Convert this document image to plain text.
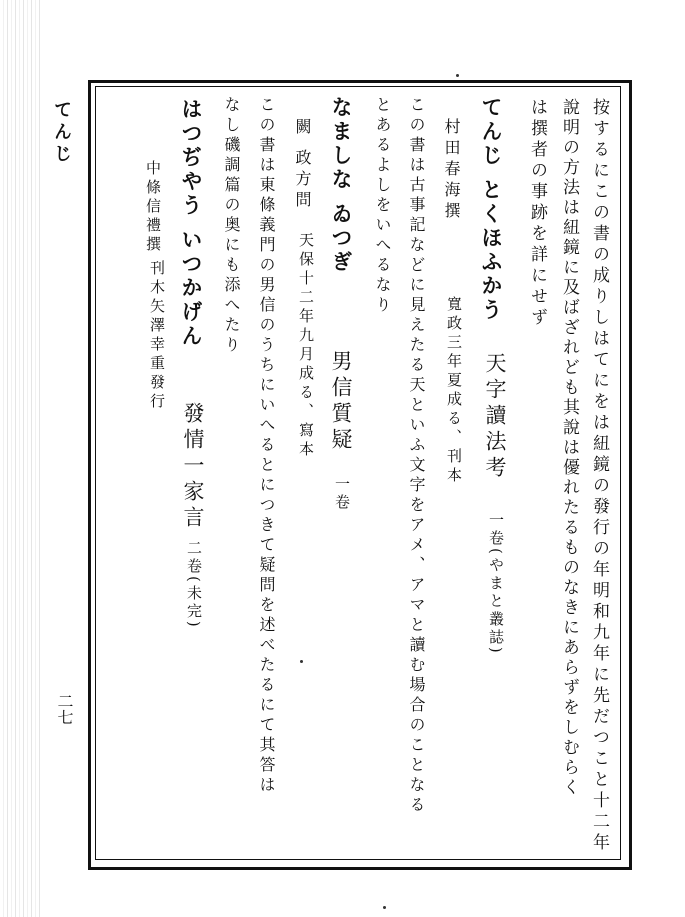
てんじ
二七	按するにこの書の成りしはてにをは紐鏡の發行の年明和九年に先だつこと十二年
說明の方法は紐鏡に及ばざれども其說は優れたるものなきにあらずをしむらく
は撰者の事跡を詳にせず
てんじ とくほふかう
天字讀法考
一卷(やまと叢誌)
村田春海撰
寬政三年夏成る、刊本
この書は古事記などに見えたる天といふ文字をアメ、アマと讀む場合のことなる
とあるよしをいへるなり
なましな ゐつぎ
男信質疑
一卷
闕 政方問
天保十二年九月成る、寫本
この書は東條義門の男信のうちにいへるとにつきて疑問を述べたるにて其答は
なし磯調篇の奥にも添へたり
はつぢやう いつかげん
發情一家言
二卷(未完)
中條信禮撰
刊木矢澤幸重發行
